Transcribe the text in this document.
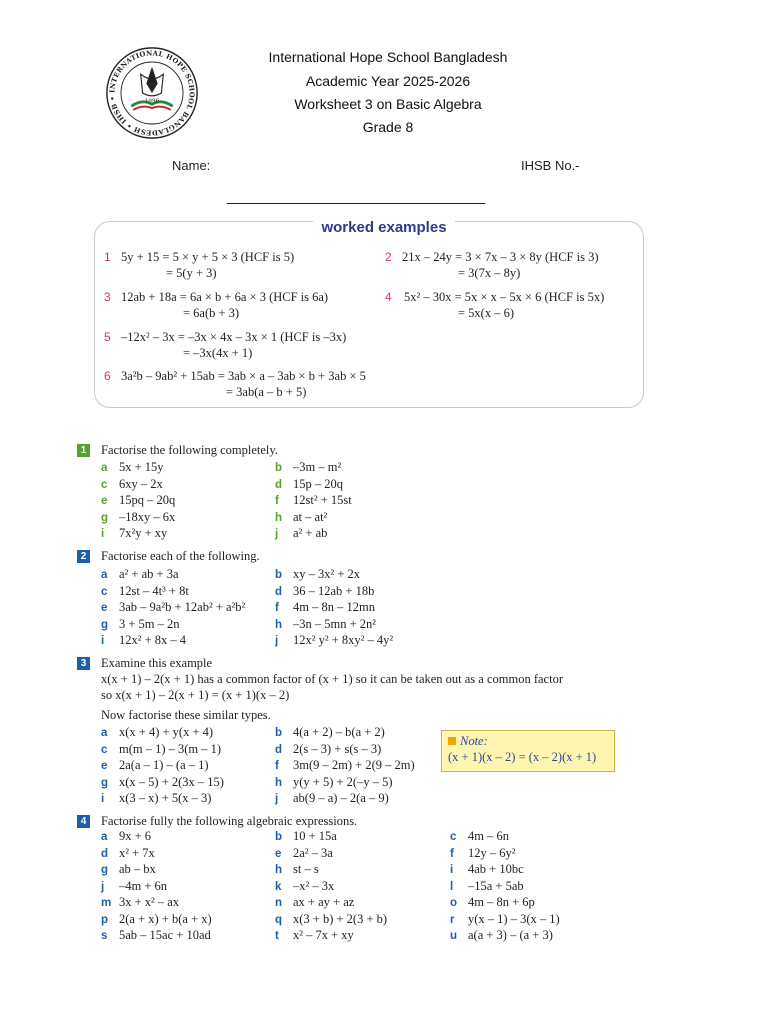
INTERNATIONAL HOPE SCHOOL BANGLADESH • IHSB •
1996
International Hope School Bangladesh
Academic Year 2025-2026
Worksheet 3 on Basic Algebra
Grade 8
Name:	IHSB No.-
worked examples
1 5y + 15 = 5 × y + 5 × 3 (HCF is 5)
= 5(y + 3)
2 21x – 24y = 3 × 7x – 3 × 8y (HCF is 3)
= 3(7x – 8y)
3 12ab + 18a = 6a × b + 6a × 3 (HCF is 6a)
= 6a(b + 3)
4 5x² – 30x = 5x × x – 5x × 6 (HCF is 5x)
= 5x(x – 6)
5 –12x² – 3x = –3x × 4x – 3x × 1 (HCF is –3x)
= –3x(4x + 1)
6 3a²b – 9ab² + 15ab = 3ab × a – 3ab × b + 3ab × 5
= 3ab(a – b + 5)
1 Factorise the following completely.
a 5x + 15y	b –3m – m²
c 6xy – 2x	d 15p – 20q
e 15pq – 20q	f 12st² + 15st
g –18xy – 6x	h at – at²
i 7x²y + xy	j a² + ab
2 Factorise each of the following.
a a² + ab + 3a	b xy – 3x² + 2x
c 12st – 4t³ + 8t	d 36 – 12ab + 18b
e 3ab – 9a²b + 12ab² + a²b²	f 4m – 8n – 12mn
g 3 + 5m – 2n	h –3n – 5mn + 2n²
i 12x² + 8x – 4	j 12x² y² + 8xy² – 4y²
3 Examine this example
x(x + 1) – 2(x + 1) has a common factor of (x + 1) so it can be taken out as a common factor
so x(x + 1) – 2(x + 1) = (x + 1)(x – 2)
Now factorise these similar types.
a x(x + 4) + y(x + 4)	b 4(a + 2) – b(a + 2)
c m(m – 1) – 3(m – 1)	d 2(s – 3) + s(s – 3)
e 2a(a – 1) – (a – 1)	f 3m(9 – 2m) + 2(9 – 2m)
g x(x – 5) + 2(3x – 15)	h y(y + 5) + 2(–y – 5)
i x(3 – x) + 5(x – 3)	j ab(9 – a) – 2(a – 9)
Note:
(x + 1)(x – 2) = (x – 2)(x + 1)
4 Factorise fully the following algebraic expressions.
a 9x + 6	b 10 + 15a	c 4m – 6n
d x² + 7x	e 2a² – 3a	f 12y – 6y²
g ab – bx	h st – s	i 4ab + 10bc
j –4m + 6n	k –x² – 3x	l –15a + 5ab
m 3x + x² – ax	n ax + ay + az	o 4m – 8n + 6p
p 2(a + x) + b(a + x)	q x(3 + b) + 2(3 + b)	r y(x – 1) – 3(x – 1)
s 5ab – 15ac + 10ad	t x² – 7x + xy	u a(a + 3) – (a + 3)
